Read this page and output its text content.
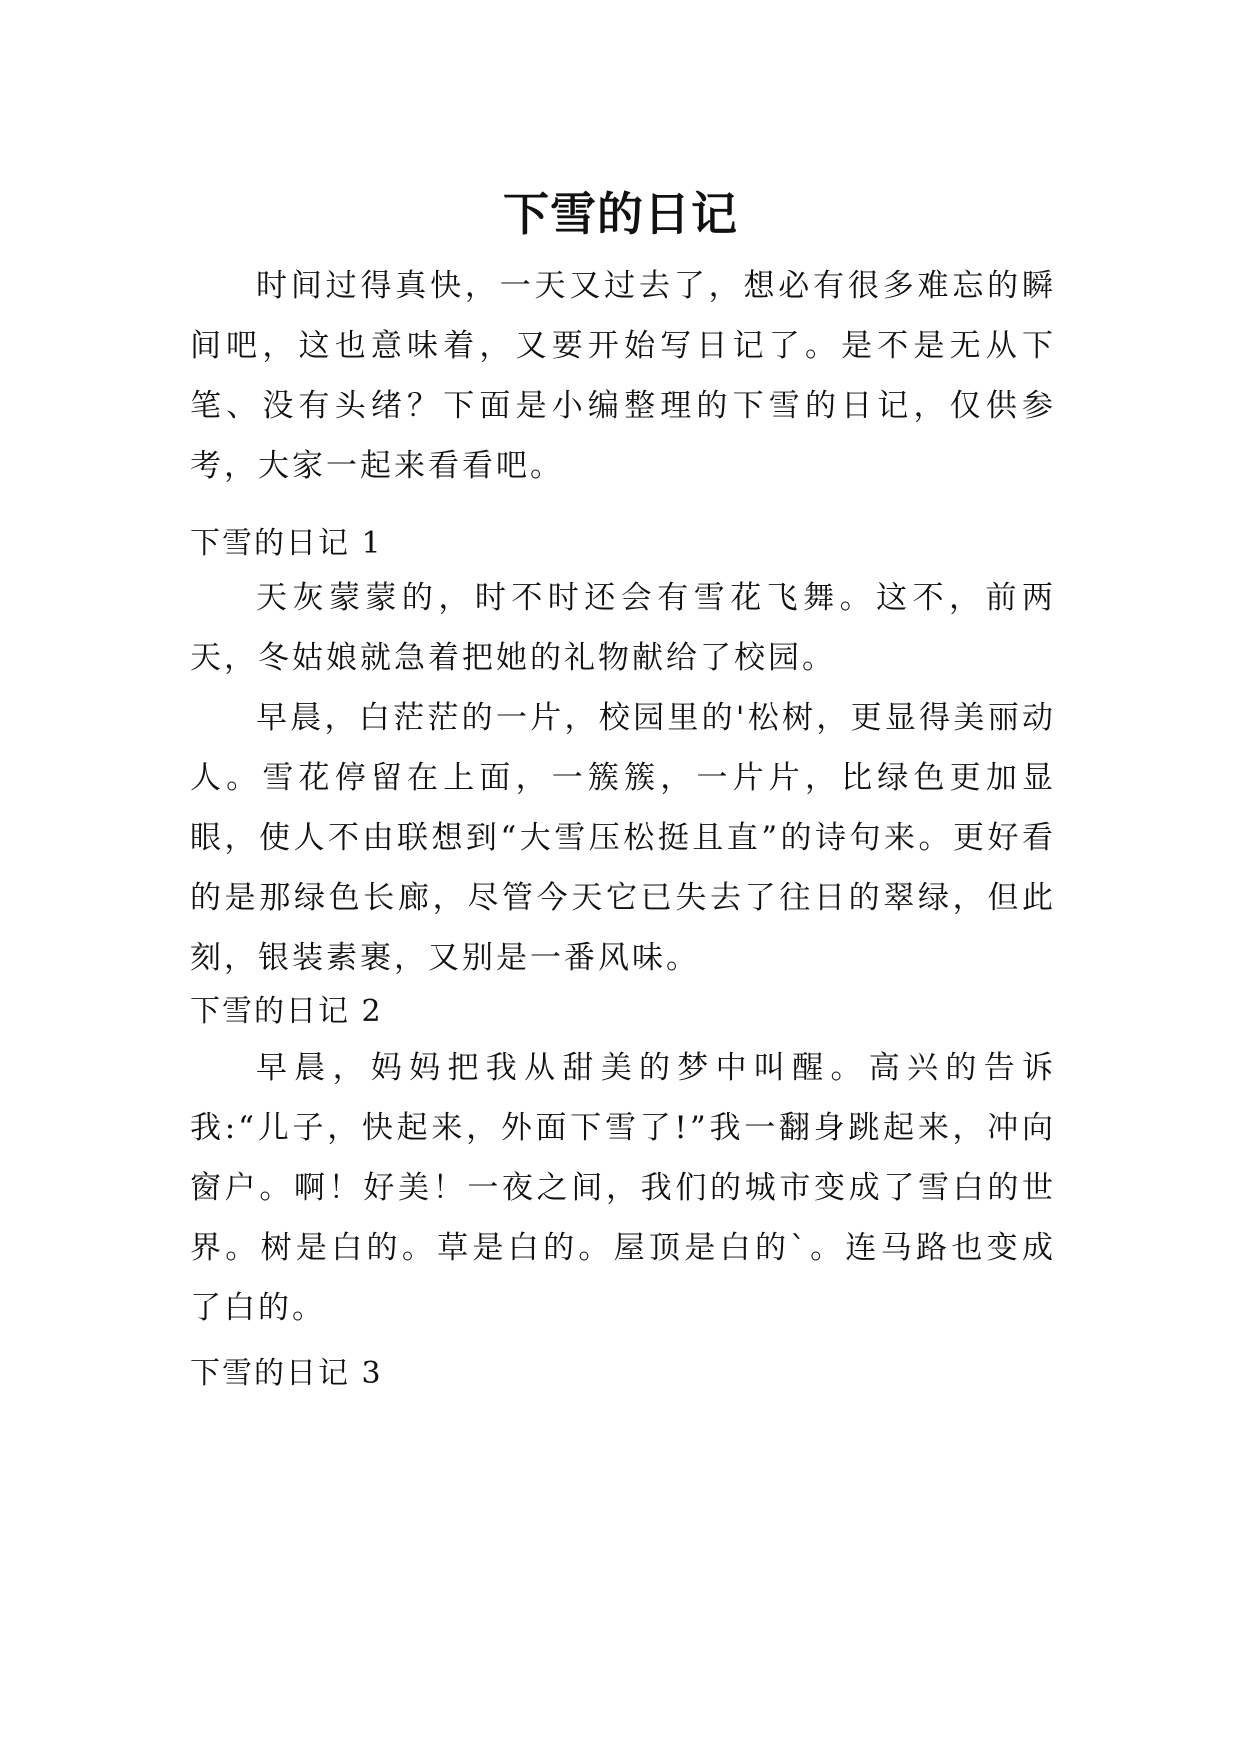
下雪的日记

时间过得真快，一天又过去了，想必有很多难忘的瞬间吧，这也意味着，又要开始写日记了。是不是无从下笔、没有头绪？下面是小编整理的下雪的日记，仅供参考，大家一起来看看吧。

下雪的日记 1

天灰蒙蒙的，时不时还会有雪花飞舞。这不，前两天，冬姑娘就急着把她的礼物献给了校园。

早晨，白茫茫的一片，校园里的'松树，更显得美丽动人。雪花停留在上面，一簇簇，一片片，比绿色更加显眼，使人不由联想到“大雪压松挺且直”的诗句来。更好看的是那绿色长廊，尽管今天它已失去了往日的翠绿，但此刻，银装素裹，又别是一番风味。

下雪的日记 2

早晨，妈妈把我从甜美的梦中叫醒。高兴的告诉我:“儿子，快起来，外面下雪了!”我一翻身跳起来，冲向窗户。啊！好美！一夜之间，我们的城市变成了雪白的世界。树是白的。草是白的。屋顶是白的`。连马路也变成了白的。

下雪的日记 3
